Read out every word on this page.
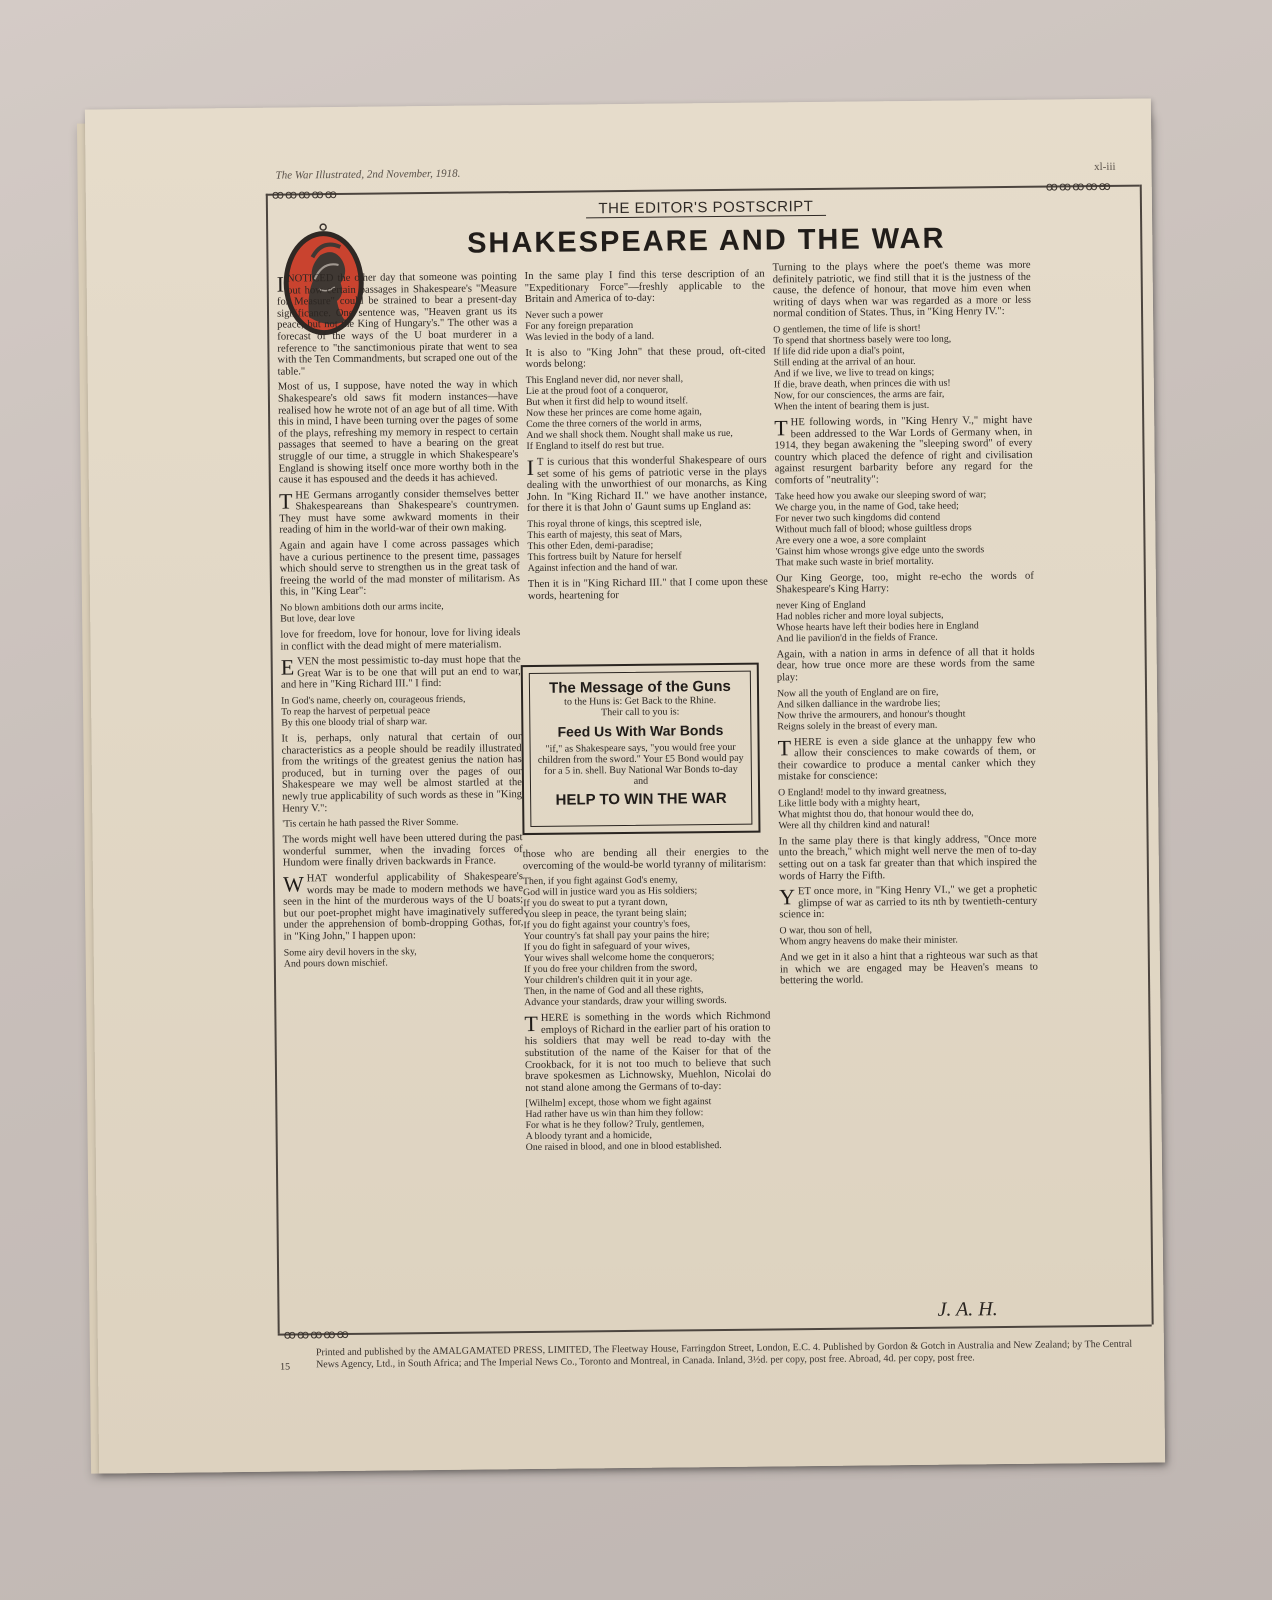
The War Illustrated, 2nd November, 1918.
xl-iii
ꝏꝏꝏꝏꝏ
ꝏꝏꝏꝏꝏ
ꝏꝏꝏꝏꝏ
THE EDITOR'S POSTSCRIPT
SHAKESPEARE AND THE WAR

INOTICED the other day that someone was pointing out how certain passages in Shakespeare's "Measure for Measure" could be strained to bear a present-day significance. One sentence was, "Heaven grant us its peace, but not the King of Hungary's." The other was a forecast of the ways of the U boat murderer in a reference to "the sanctimonious pirate that went to sea with the Ten Commandments, but scraped one out of the table."

Most of us, I suppose, have noted the way in which Shakespeare's old saws fit modern instances—have realised how he wrote not of an age but of all time. With this in mind, I have been turning over the pages of some of the plays, refreshing my memory in respect to certain passages that seemed to have a bearing on the great struggle of our time, a struggle in which Shakespeare's England is showing itself once more worthy both in the cause it has espoused and the deeds it has achieved.

THE Germans arrogantly consider themselves better Shakespeareans than Shakespeare's countrymen. They must have some awkward moments in their reading of him in the world-war of their own making.

Again and again have I come across passages which have a curious pertinence to the present time, passages which should serve to strengthen us in the great task of freeing the world of the mad monster of militarism. As this, in "King Lear":

No blown ambitions doth our arms incite,
But love, dear love

love for freedom, love for honour, love for living ideals in conflict with the dead might of mere materialism.

EVEN the most pessimistic to-day must hope that the Great War is to be one that will put an end to war, and here in "King Richard III." I find:

In God's name, cheerly on, courageous friends,
To reap the harvest of perpetual peace
By this one bloody trial of sharp war.

It is, perhaps, only natural that certain of our characteristics as a people should be readily illustrated from the writings of the greatest genius the nation has produced, but in turning over the pages of our Shakespeare we may well be almost startled at the newly true applicability of such words as these in "King Henry V.":

'Tis certain he hath passed the River Somme.

The words might well have been uttered during the past wonderful summer, when the invading forces of Hundom were finally driven backwards in France.

WHAT wonderful applicability of Shakespeare's words may be made to modern methods we have seen in the hint of the murderous ways of the U boats; but our poet-prophet might have imaginatively suffered under the apprehension of bomb-dropping Gothas, for, in "King John," I happen upon:

Some airy devil hovers in the sky,
And pours down mischief.

In the same play I find this terse description of an "Expeditionary Force"—freshly applicable to the Britain and America of to-day:

Never such a power
For any foreign preparation
Was levied in the body of a land.

It is also to "King John" that these proud, oft-cited words belong:

This England never did, nor never shall,
Lie at the proud foot of a conqueror,
But when it first did help to wound itself.
Now these her princes are come home again,
Come the three corners of the world in arms,
And we shall shock them. Nought shall make us rue,
If England to itself do rest but true.

I T is curious that this wonderful Shakespeare of ours set some of his gems of patriotic verse in the plays dealing with the unworthiest of our monarchs, as King John. In "King Richard II." we have another instance, for there it is that John o' Gaunt sums up England as:

This royal throne of kings, this sceptred isle,
This earth of majesty, this seat of Mars,
This other Eden, demi-paradise;
This fortress built by Nature for herself
Against infection and the hand of war.

Then it is in "King Richard III." that I come upon these words, heartening for

those who are bending all their energies to the overcoming of the would-be world tyranny of militarism:

Then, if you fight against God's enemy,
God will in justice ward you as His soldiers;
If you do sweat to put a tyrant down,
You sleep in peace, the tyrant being slain;
If you do fight against your country's foes,
Your country's fat shall pay your pains the hire;
If you do fight in safeguard of your wives,
Your wives shall welcome home the conquerors;
If you do free your children from the sword,
Your children's children quit it in your age.
Then, in the name of God and all these rights,
Advance your standards, draw your willing swords.

THERE is something in the words which Richmond employs of Richard in the earlier part of his oration to his soldiers that may well be read to-day with the substitution of the name of the Kaiser for that of the Crookback, for it is not too much to believe that such brave spokesmen as Lichnowsky, Muehlon, Nicolai do not stand alone among the Germans of to-day:

[Wilhelm] except, those whom we fight against
Had rather have us win than him they follow:
For what is he they follow? Truly, gentlemen,
A bloody tyrant and a homicide,
One raised in blood, and one in blood established.

Turning to the plays where the poet's theme was more definitely patriotic, we find still that it is the justness of the cause, the defence of honour, that move him even when writing of days when war was regarded as a more or less normal condition of States. Thus, in "King Henry IV.":

O gentlemen, the time of life is short!
To spend that shortness basely were too long,
If life did ride upon a dial's point,
Still ending at the arrival of an hour.
And if we live, we live to tread on kings;
If die, brave death, when princes die with us!
Now, for our consciences, the arms are fair,
When the intent of bearing them is just.

THE following words, in "King Henry V.," might have been addressed to the War Lords of Germany when, in 1914, they began awakening the "sleeping sword" of every country which placed the defence of right and civilisation against resurgent barbarity before any regard for the comforts of "neutrality":

Take heed how you awake our sleeping sword of war;
We charge you, in the name of God, take heed;
For never two such kingdoms did contend
Without much fall of blood; whose guiltless drops
Are every one a woe, a sore complaint
'Gainst him whose wrongs give edge unto the swords
That make such waste in brief mortality.

Our King George, too, might re-echo the words of Shakespeare's King Harry:

never King of England
Had nobles richer and more loyal subjects,
Whose hearts have left their bodies here in England
And lie pavilion'd in the fields of France.

Again, with a nation in arms in defence of all that it holds dear, how true once more are these words from the same play:

Now all the youth of England are on fire,
And silken dalliance in the wardrobe lies;
Now thrive the armourers, and honour's thought
Reigns solely in the breast of every man.

THERE is even a side glance at the unhappy few who allow their consciences to make cowards of them, or their cowardice to produce a mental canker which they mistake for conscience:

O England! model to thy inward greatness,
Like little body with a mighty heart,
What mightst thou do, that honour would thee do,
Were all thy children kind and natural!

In the same play there is that kingly address, "Once more unto the breach," which might well nerve the men of to-day setting out on a task far greater than that which inspired the words of Harry the Fifth.

YET once more, in "King Henry VI.," we get a prophetic glimpse of war as carried to its nth by twentieth-century science in:

O war, thou son of hell,
Whom angry heavens do make their minister.

And we get in it also a hint that a righteous war such as that in which we are engaged may be Heaven's means to bettering the world.

The Message of the Guns
to the Huns is: Get Back to the Rhine.
Their call to you is:
Feed Us With War Bonds
"if," as Shakespeare says, "you would free your children from the sword." Your £5 Bond would pay for a 5 in. shell. Buy National War Bonds to-day and
HELP TO WIN THE WAR
J. A. H.
15
Printed and published by the AMALGAMATED PRESS, LIMITED, The Fleetway House, Farringdon Street, London, E.C. 4. Published by Gordon & Gotch in Australia and New Zealand; by The Central News Agency, Ltd., in South Africa; and The Imperial News Co., Toronto and Montreal, in Canada. Inland, 3½d. per copy, post free. Abroad, 4d. per copy, post free.
